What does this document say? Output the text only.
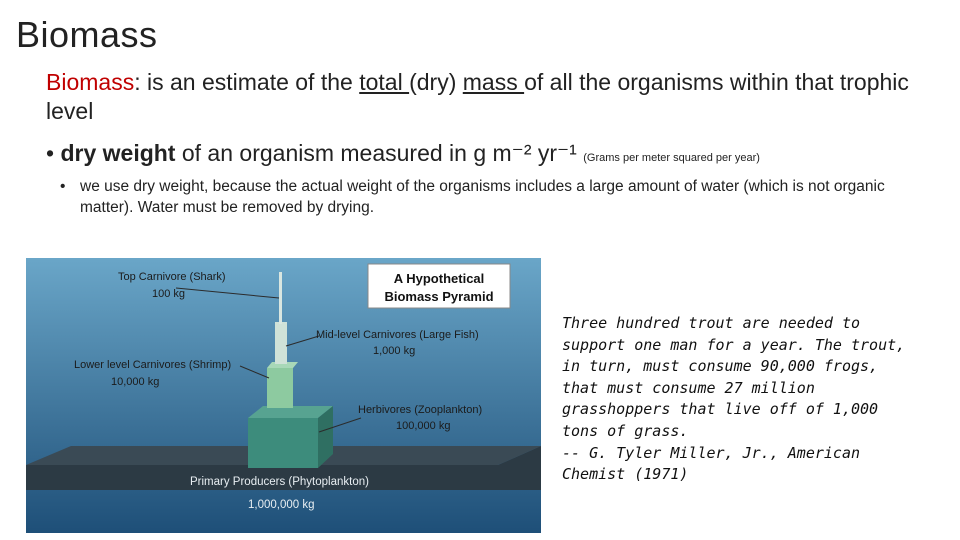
Biomass
Biomass: is an estimate of the total (dry) mass of all the organisms within that trophic level
• dry weight of an organism measured in g m⁻² yr⁻¹ (Grams per meter squared per year)
• we use dry weight, because the actual weight of the organisms includes a large amount of water (which is not organic matter). Water must be removed by drying.
A Hypothetical
Biomass Pyramid
Top Carnivore (Shark)
100 kg
Mid-level Carnivores (Large Fish)
1,000 kg
Lower level Carnivores (Shrimp)
10,000 kg
Herbivores (Zooplankton)
100,000 kg
Primary Producers (Phytoplankton)
1,000,000 kg
Three hundred trout are needed to support one man for a year. The trout, in turn, must consume 90,000 frogs, that must consume 27 million grasshoppers that live off of 1,000 tons of grass.
-- G. Tyler Miller, Jr., American Chemist (1971)
